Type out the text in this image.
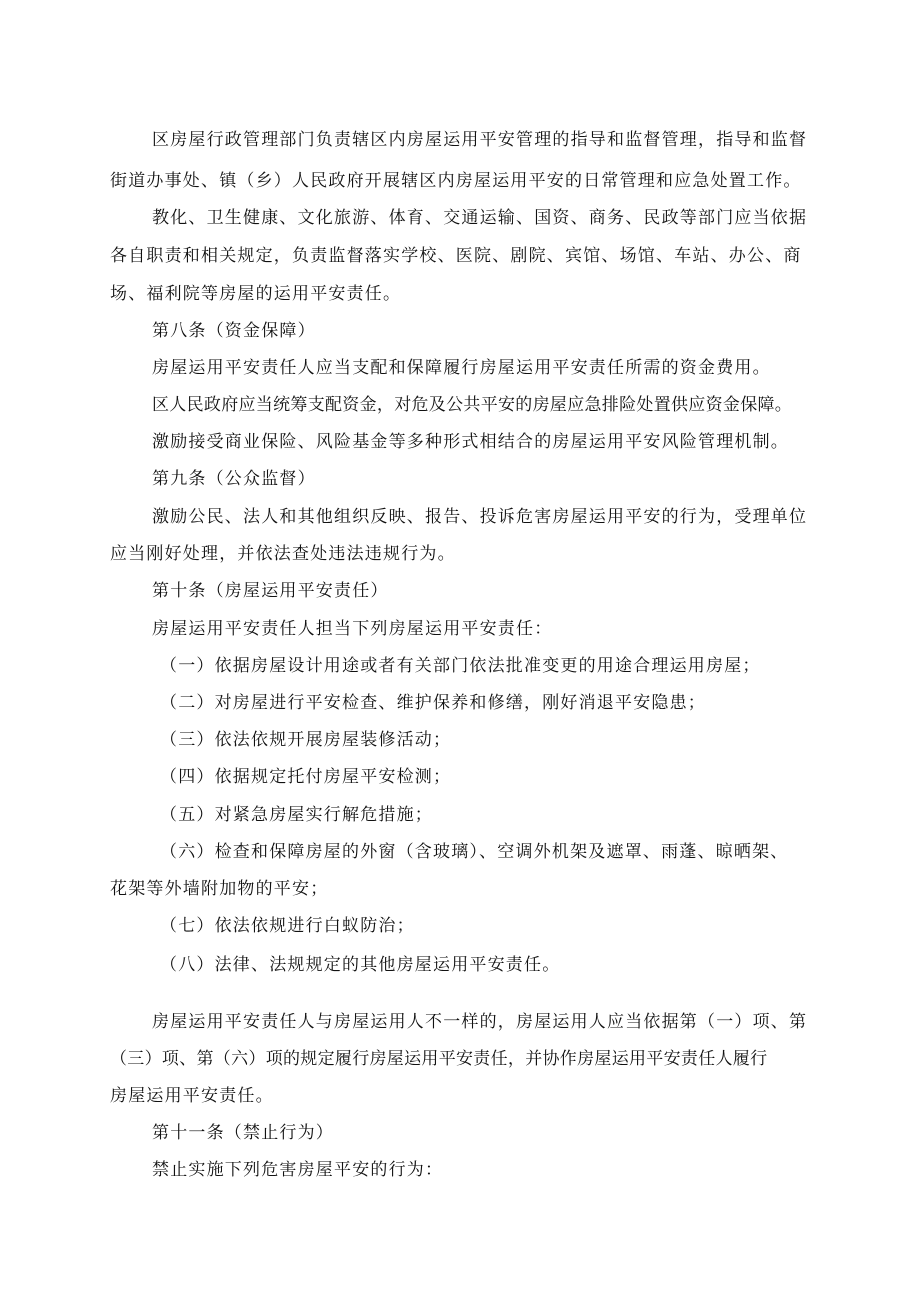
区房屋行政管理部门负责辖区内房屋运用平安管理的指导和监督管理，指导和监督
街道办事处、镇（乡）人民政府开展辖区内房屋运用平安的日常管理和应急处置工作。
教化、卫生健康、文化旅游、体育、交通运输、国资、商务、民政等部门应当依据
各自职责和相关规定，负责监督落实学校、医院、剧院、宾馆、场馆、车站、办公、商
场、福利院等房屋的运用平安责任。
第八条（资金保障）
房屋运用平安责任人应当支配和保障履行房屋运用平安责任所需的资金费用。
区人民政府应当统筹支配资金，对危及公共平安的房屋应急排险处置供应资金保障。
激励接受商业保险、风险基金等多种形式相结合的房屋运用平安风险管理机制。
第九条（公众监督）
激励公民、法人和其他组织反映、报告、投诉危害房屋运用平安的行为，受理单位
应当刚好处理，并依法查处违法违规行为。
第十条（房屋运用平安责任）
房屋运用平安责任人担当下列房屋运用平安责任：
（一）依据房屋设计用途或者有关部门依法批准变更的用途合理运用房屋；
（二）对房屋进行平安检查、维护保养和修缮，刚好消退平安隐患；
（三）依法依规开展房屋装修活动；
（四）依据规定托付房屋平安检测；
（五）对紧急房屋实行解危措施；
（六）检查和保障房屋的外窗（含玻璃）、空调外机架及遮罩、雨蓬、晾晒架、
花架等外墙附加物的平安；
（七）依法依规进行白蚁防治；
（八）法律、法规规定的其他房屋运用平安责任。
房屋运用平安责任人与房屋运用人不一样的，房屋运用人应当依据第（一）项、第
（三）项、第（六）项的规定履行房屋运用平安责任，并协作房屋运用平安责任人履行
房屋运用平安责任。
第十一条（禁止行为）
禁止实施下列危害房屋平安的行为：
